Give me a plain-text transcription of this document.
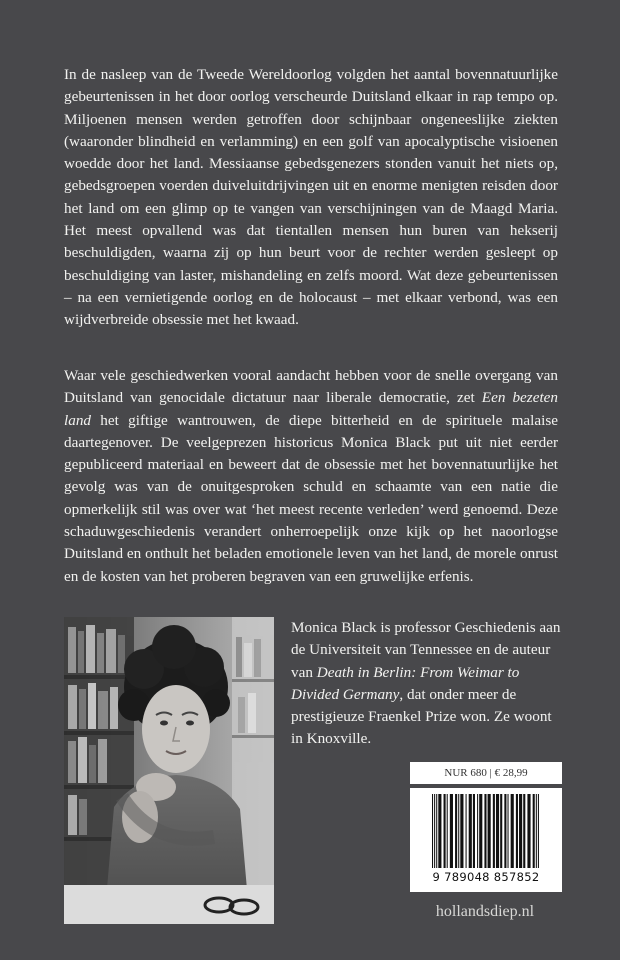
In de nasleep van de Tweede Wereldoorlog volgden het aantal bovennatuurlijke gebeurtenissen in het door oorlog verscheurde Duitsland elkaar in rap tempo op. Miljoenen mensen werden getroffen door schijnbaar ongeneeslijke ziekten (waaronder blindheid en verlamming) en een golf van apocalyptische visioenen woedde door het land. Messiaanse gebedsgenezers stonden vanuit het niets op, gebedsgroepen voerden duiveluitdrijvingen uit en enorme menigten reisden door het land om een glimp op te vangen van verschijningen van de Maagd Maria. Het meest opvallend was dat tientallen mensen hun buren van hekserij beschuldigden, waarna zij op hun beurt voor de rechter werden gesleept op beschuldiging van laster, mishandeling en zelfs moord. Wat deze gebeurtenissen – na een vernietigende oorlog en de holocaust – met elkaar verbond, was een wijdverbreide obsessie met het kwaad.

Waar vele geschiedwerken vooral aandacht hebben voor de snelle overgang van Duitsland van genocidale dictatuur naar liberale democratie, zet Een bezeten land het giftige wantrouwen, de diepe bitterheid en de spirituele malaise daartegenover. De veelgeprezen historicus Monica Black put uit niet eerder gepubliceerd materiaal en beweert dat de obsessie met het bovennatuurlijke het gevolg was van de onuitgesproken schuld en schaamte van een natie die opmerkelijk stil was over wat ‘het meest recente verleden’ werd genoemd. Deze schaduwgeschiedenis verandert onherroepelijk onze kijk op het naoorlogse Duitsland en onthult het beladen emotionele leven van het land, de morele onrust en de kosten van het proberen begraven van een gruwelijke erfenis.

Monica Black is professor Geschiedenis aan de Universiteit van Tennessee en de auteur van Death in Berlin: From Weimar to Divided Germany, dat onder meer de prestigieuze Fraenkel Prize won. Ze woont in Knoxville.

NUR 680 | € 28,99
9 789048 857852
hollandsdiep.nl
